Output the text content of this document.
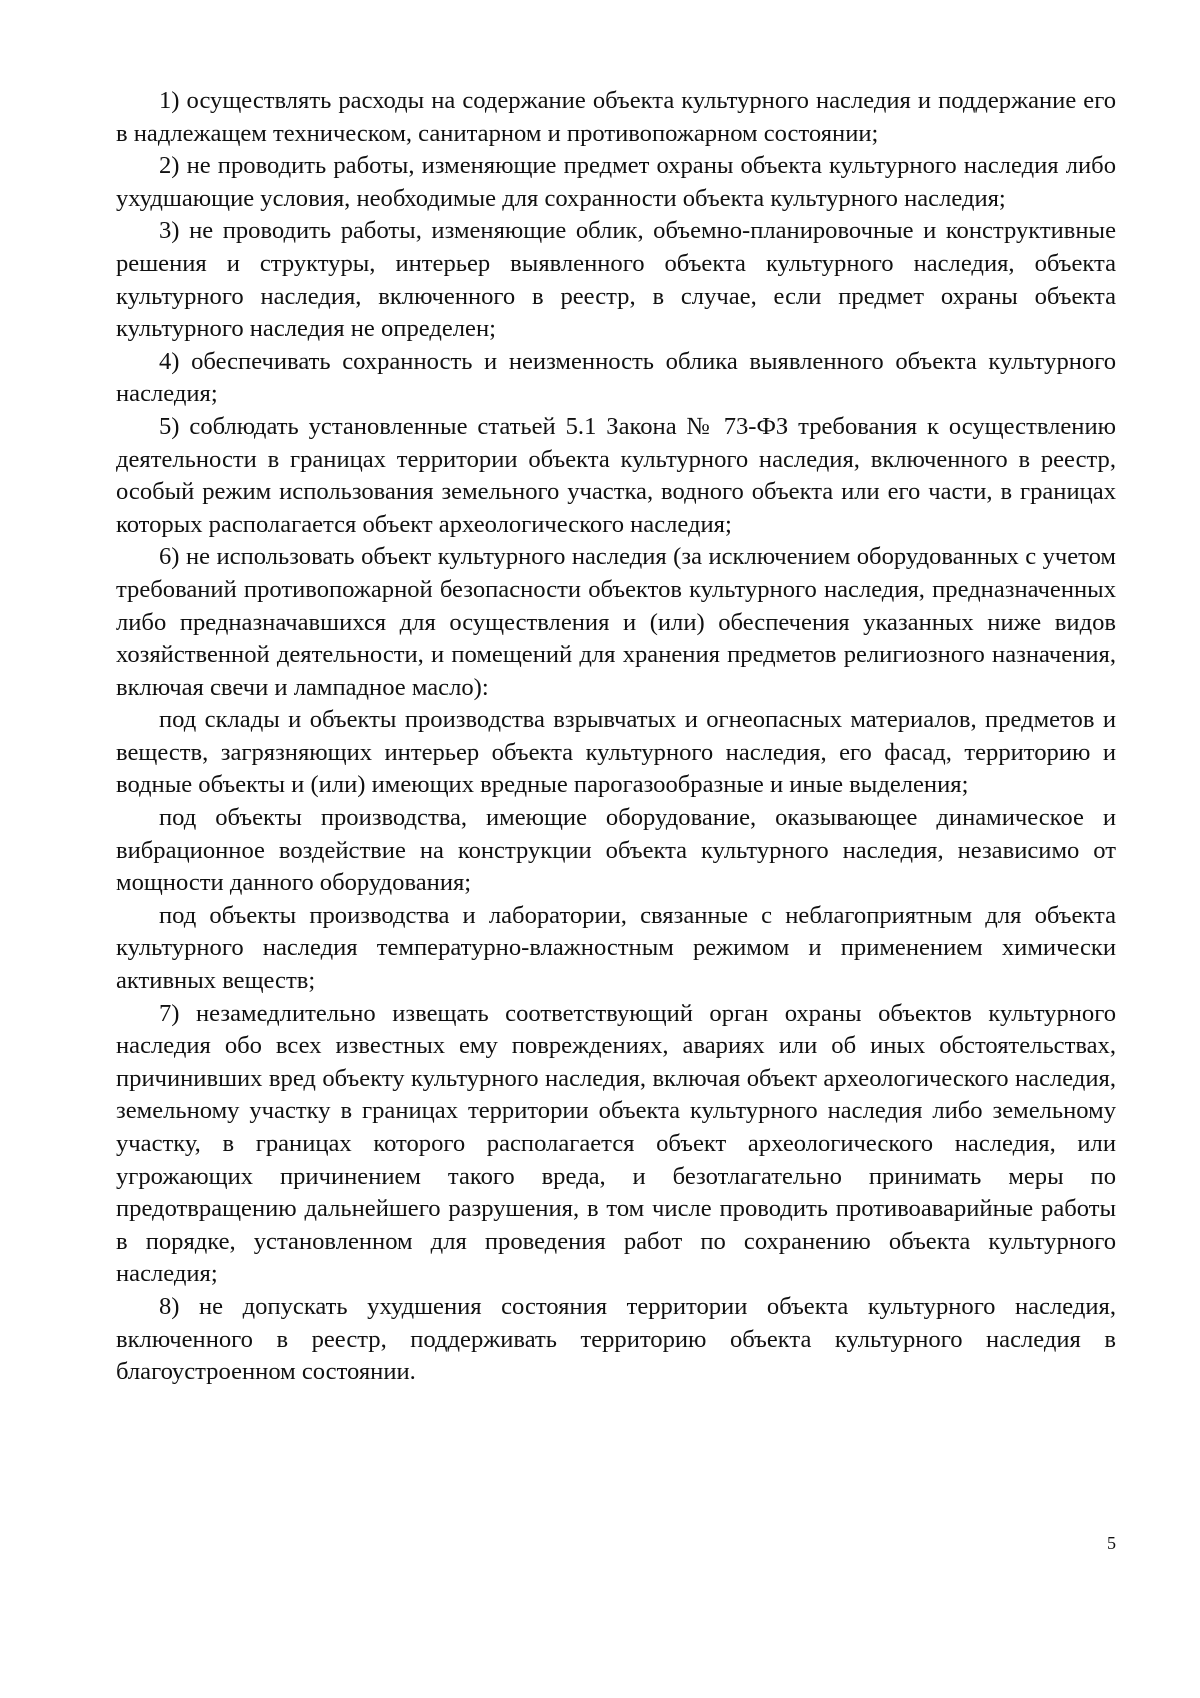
1) осуществлять расходы на содержание объекта культурного наследия и поддержание его в надлежащем техническом, санитарном и противопожарном состоянии;

2) не проводить работы, изменяющие предмет охраны объекта культурного наследия либо ухудшающие условия, необходимые для сохранности объекта культурного наследия;

3) не проводить работы, изменяющие облик, объемно-планировочные и конструктивные решения и структуры, интерьер выявленного объекта культурного наследия, объекта культурного наследия, включенного в реестр, в случае, если предмет охраны объекта культурного наследия не определен;

4) обеспечивать сохранность и неизменность облика выявленного объекта культурного наследия;

5) соблюдать установленные статьей 5.1 Закона № 73-ФЗ требования к осуществлению деятельности в границах территории объекта культурного наследия, включенного в реестр, особый режим использования земельного участка, водного объекта или его части, в границах которых располагается объект археологического наследия;

6) не использовать объект культурного наследия (за исключением оборудованных с учетом требований противопожарной безопасности объектов культурного наследия, предназначенных либо предназначавшихся для осуществления и (или) обеспечения указанных ниже видов хозяйственной деятельности, и помещений для хранения предметов религиозного назначения, включая свечи и лампадное масло):

под склады и объекты производства взрывчатых и огнеопасных материалов, предметов и веществ, загрязняющих интерьер объекта культурного наследия, его фасад, территорию и водные объекты и (или) имеющих вредные парогазообразные и иные выделения;

под объекты производства, имеющие оборудование, оказывающее динамическое и вибрационное воздействие на конструкции объекта культурного наследия, независимо от мощности данного оборудования;

под объекты производства и лаборатории, связанные с неблагоприятным для объекта культурного наследия температурно-влажностным режимом и применением химически активных веществ;

7) незамедлительно извещать соответствующий орган охраны объектов культурного наследия обо всех известных ему повреждениях, авариях или об иных обстоятельствах, причинивших вред объекту культурного наследия, включая объект археологического наследия, земельному участку в границах территории объекта культурного наследия либо земельному участку, в границах которого располагается объект археологического наследия, или угрожающих причинением такого вреда, и безотлагательно принимать меры по предотвращению дальнейшего разрушения, в том числе проводить противоаварийные работы в порядке, установленном для проведения работ по сохранению объекта культурного наследия;

8) не допускать ухудшения состояния территории объекта культурного наследия, включенного в реестр, поддерживать территорию объекта культурного наследия в благоустроенном состоянии.

5
